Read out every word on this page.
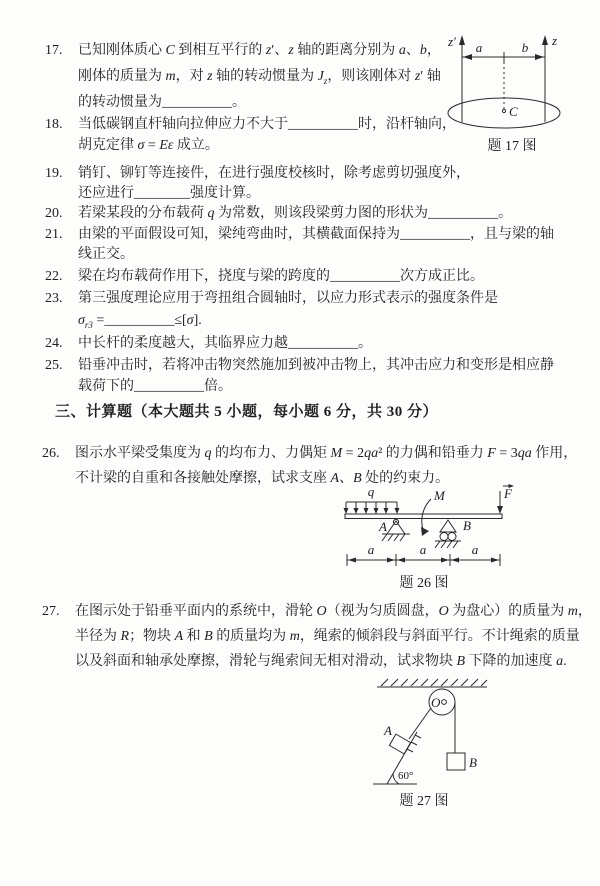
17.	已知刚体质心 C 到相互平行的 z′、z 轴的距离分别为 a、b，
刚体的质量为 m，对 z 轴的转动惯量为 $J_z$，则该刚体对 z′ 轴
的转动惯量为__________。
18.	当低碳钢直杆轴向拉伸应力不大于__________时，沿杆轴向，
胡克定律 σ = Eε 成立。
19.	销钉、铆钉等连接件，在进行强度校核时，除考虑剪切强度外，
还应进行________强度计算。
20.	若梁某段的分布载荷 q 为常数，则该段梁剪力图的形状为__________。
21.	由梁的平面假设可知，梁纯弯曲时，其横截面保持为__________，且与梁的轴
线正交。
22.	梁在均布载荷作用下，挠度与梁的跨度的__________次方成正比。
23.	第三强度理论应用于弯扭组合圆轴时，以应力形式表示的强度条件是
$\sigma_{r3}$ =__________≤[σ].
24.	中长杆的柔度越大，其临界应力越__________。
25.	铅垂冲击时，若将冲击物突然施加到被冲击物上，其冲击应力和变形是相应静
载荷下的__________倍。
三、计算题（本大题共 5 小题，每小题 6 分，共 30 分）
26.	图示水平梁受集度为 q 的均布力、力偶矩 M = 2qa² 的力偶和铅垂力 F = 3qa 作用，
不计梁的自重和各接触处摩擦，试求支座 A、B 处的约束力。
27.	在图示处于铅垂平面内的系统中，滑轮 O（视为匀质圆盘，O 为盘心）的质量为 m，
半径为 R；物块 A 和 B 的质量均为 m，绳索的倾斜段与斜面平行。不计绳索的质量
以及斜面和轴承处摩擦，滑轮与绳索间无相对滑动，试求物块 B 下降的加速度 a.
z′	z
a	b
C
题 17 图
q
A
M
B
F
a	a	a
题 26 图
O
60°
A
B
题 27 图
